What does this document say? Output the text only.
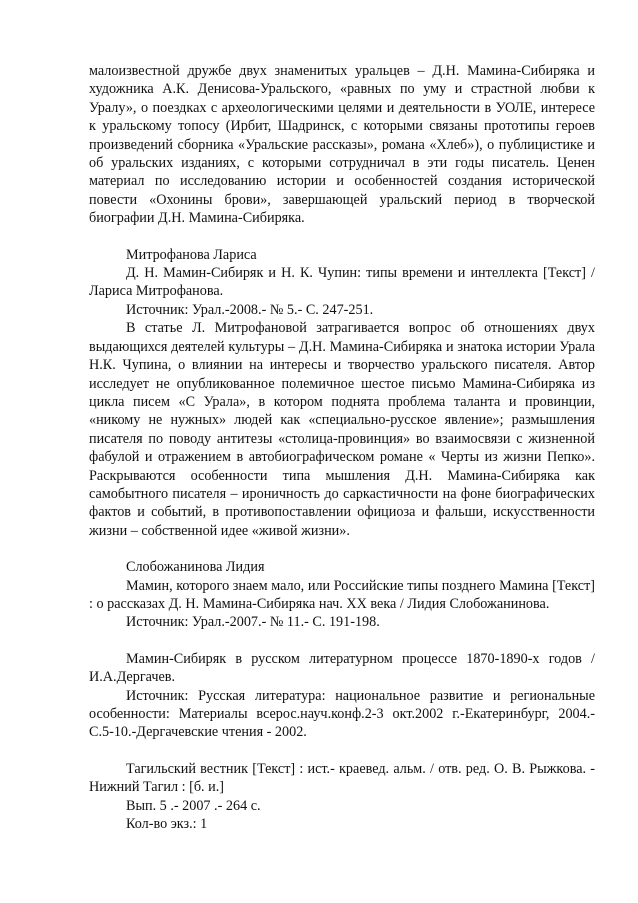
малоизвестной дружбе двух знаменитых уральцев – Д.Н. Мамина-Сибиряка и художника А.К. Денисова-Уральского, «равных по уму и страстной любви к Уралу», о поездках с археологическими целями и деятельности в УОЛЕ, интересе к уральскому топосу (Ирбит, Шадринск, с которыми связаны прототипы героев произведений сборника «Уральские рассказы», романа «Хлеб»), о публицистике и об уральских изданиях, с которыми сотрудничал в эти годы писатель. Ценен материал по исследованию истории и особенностей создания исторической повести «Охонины брови», завершающей уральский период в творческой биографии Д.Н. Мамина-Сибиряка.

Митрофанова Лариса

Д. Н. Мамин-Сибиряк и Н. К. Чупин: типы времени и интеллекта [Текст] / Лариса Митрофанова.

Источник: Урал.-2008.- № 5.- С. 247-251.

В статье Л. Митрофановой затрагивается вопрос об отношениях двух выдающихся деятелей культуры – Д.Н. Мамина-Сибиряка и знатока истории Урала Н.К. Чупина, о влиянии на интересы и творчество уральского писателя. Автор исследует не опубликованное полемичное шестое письмо Мамина-Сибиряка из цикла писем «С Урала», в котором поднята проблема таланта и провинции, «никому не нужных» людей как «специально-русское явление»; размышления писателя по поводу антитезы «столица-провинция» во взаимосвязи с жизненной фабулой и отражением в автобиографическом романе « Черты из жизни Пепко». Раскрываются особенности типа мышления Д.Н. Мамина-Сибиряка как самобытного писателя – ироничность до саркастичности на фоне биографических фактов и событий, в противопоставлении официоза и фальши, искусственности жизни – собственной идее «живой жизни».

Слобожанинова Лидия

Мамин, которого знаем мало, или Российские типы позднего Мамина [Текст] : о рассказах Д. Н. Мамина-Сибиряка нач. XX века / Лидия Слобожанинова.

Источник: Урал.-2007.- № 11.- С. 191-198.

Мамин-Сибиряк в русском литературном процессе 1870-1890-х годов / И.А.Дергачев.

Источник: Русская литература: национальное развитие и региональные особенности: Материалы всерос.науч.конф.2-3 окт.2002 г.-Екатеринбург, 2004.- С.5-10.-Дергачевские чтения - 2002.

Тагильский вестник [Текст] : ист.- краевед. альм. / отв. ред. О. В. Рыжкова. - Нижний Тагил : [б. и.]

Вып. 5 .- 2007 .- 264 с.

Кол-во экз.: 1
